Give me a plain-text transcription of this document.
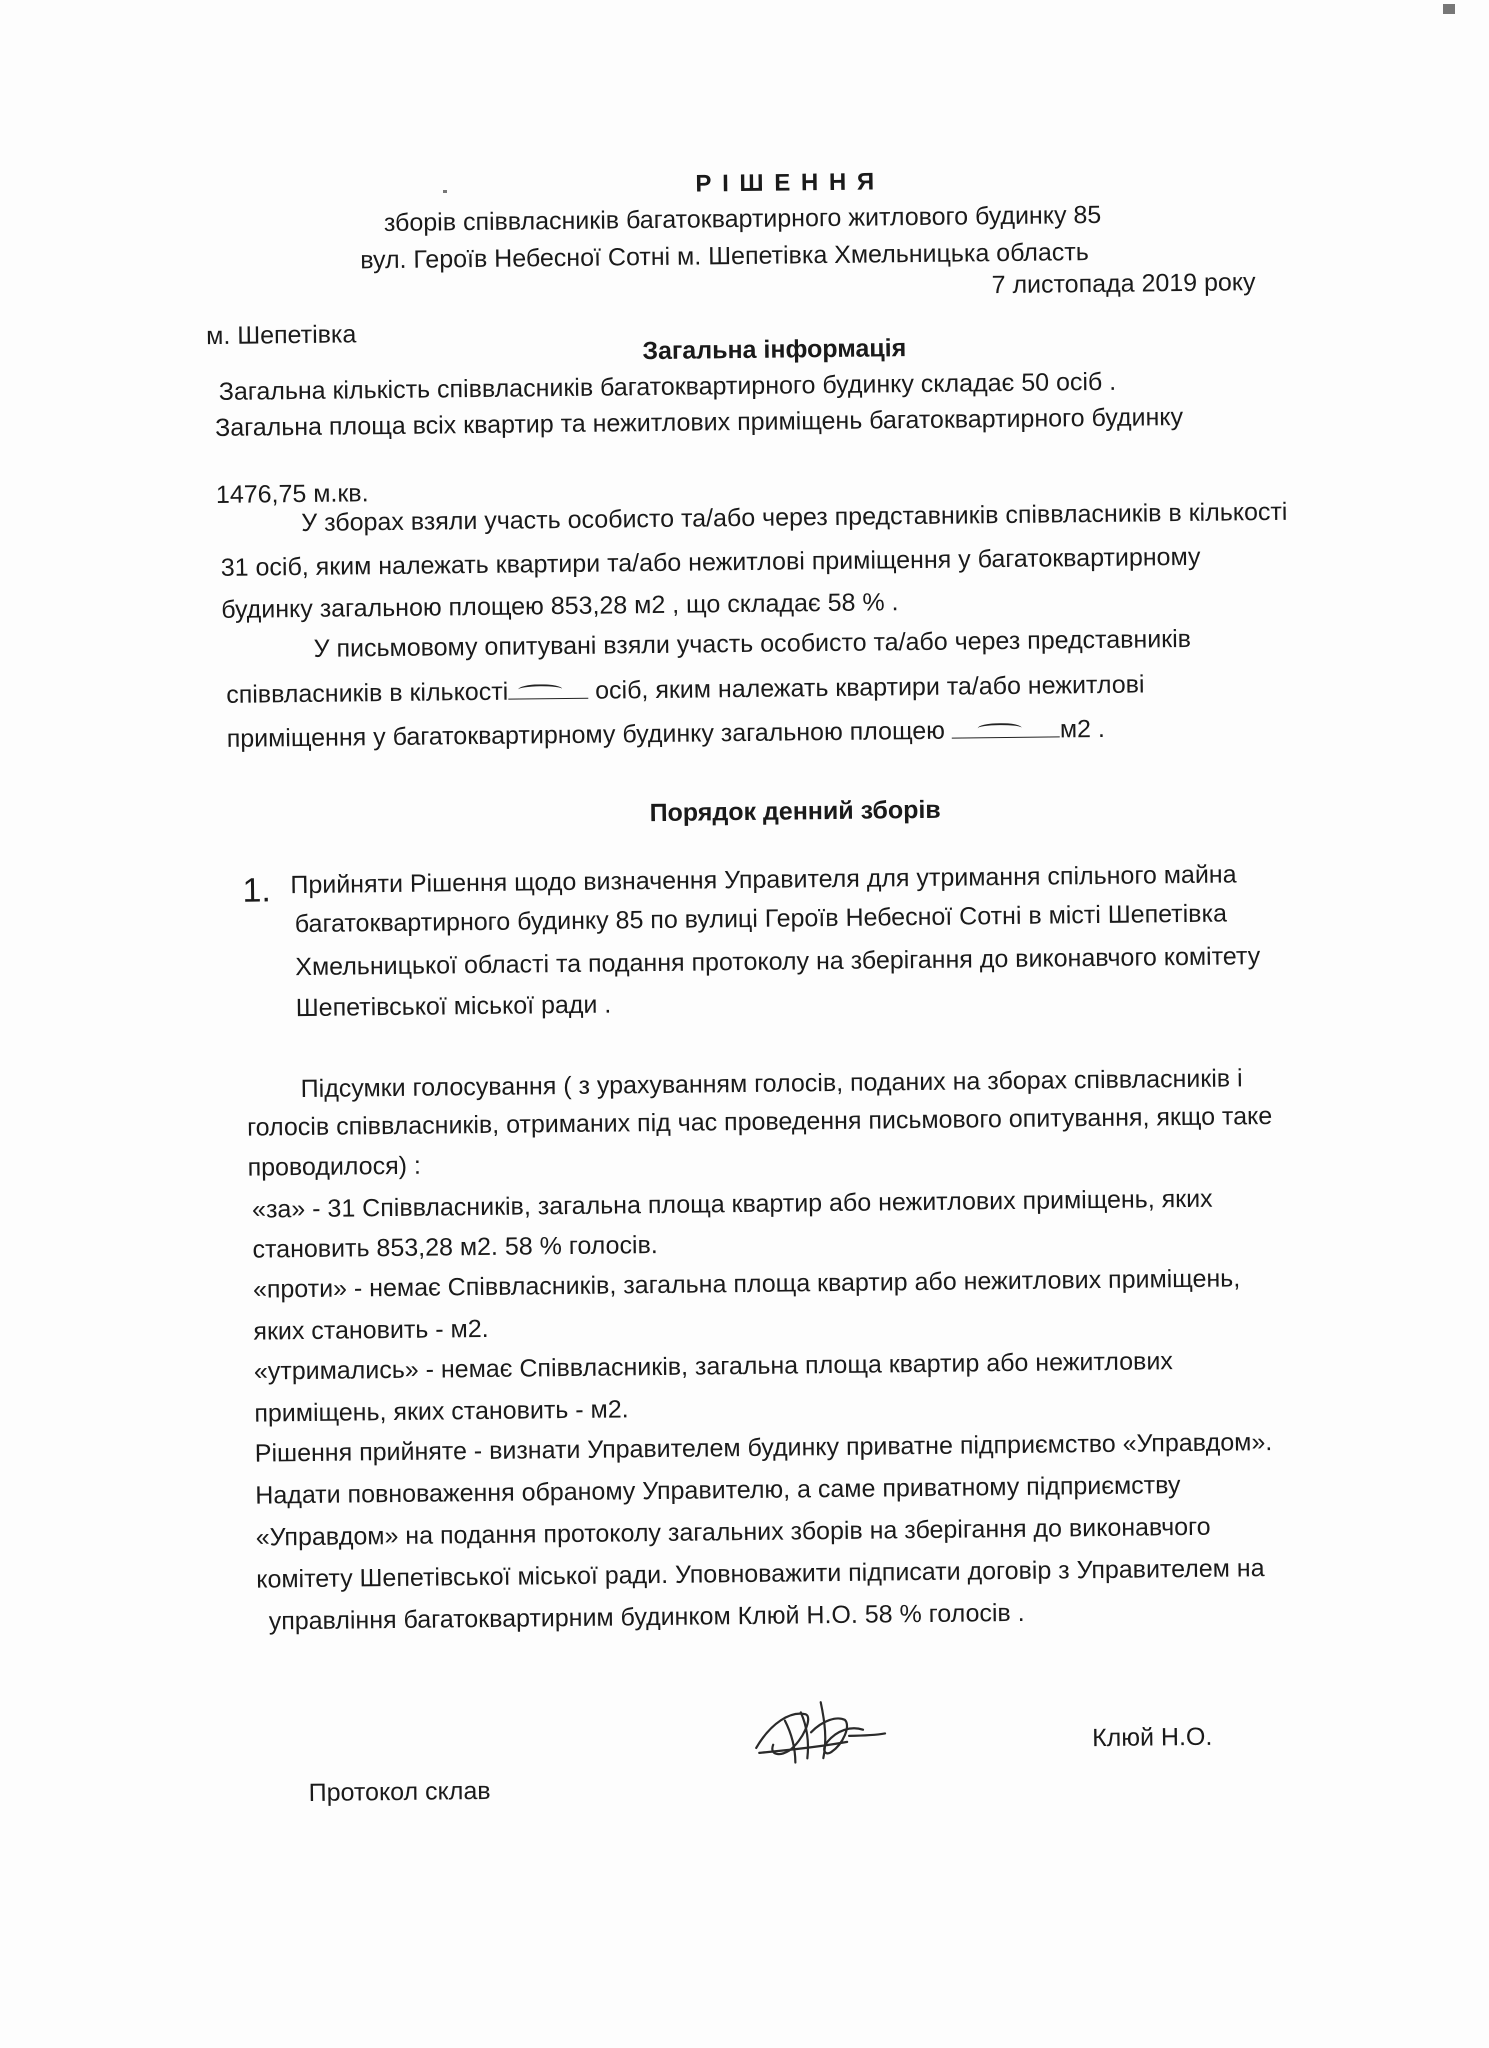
Р І Ш Е Н Н Я
зборів співвласників багатоквартирного житлового будинку 85
вул. Героїв Небесної Сотні м. Шепетівка Хмельницька область
7 листопада 2019 року
м. Шепетівка	Загальна інформація
Загальна кількість співвласників багатоквартирного будинку складає 50 осіб .
Загальна площа всіх квартир та нежитлових приміщень багатоквартирного будинку
1476,75 м.кв.
У зборах взяли участь особисто та/або через представників співвласників в кількості
31 осіб, яким належать квартири та/або нежитлові приміщення у багатоквартирному
будинку загальною площею 853,28 м2 , що складає 58 % .
У письмовому опитувані взяли участь особисто та/або через представників
співвласників в кількості	осіб, яким належать квартири та/або нежитлові
приміщення у багатоквартирному будинку загальною площею	м2 .
Порядок денний зборів
1. Прийняти Рішення щодо визначення Управителя для утримання спільного майна
багатоквартирного будинку 85 по вулиці Героїв Небесної Сотні в місті Шепетівка
Хмельницької області та подання протоколу на зберігання до виконавчого комітету
Шепетівської міської ради .
Підсумки голосування ( з урахуванням голосів, поданих на зборах співвласників і
голосів співвласників, отриманих під час проведення письмового опитування, якщо таке
проводилося) :
«за» - 31 Співвласників, загальна площа квартир або нежитлових приміщень, яких
становить 853,28 м2. 58 % голосів.
«проти» - немає Співвласників, загальна площа квартир або нежитлових приміщень,
яких становить - м2.
«утримались» - немає Співвласників, загальна площа квартир або нежитлових
приміщень, яких становить - м2.
Рішення прийняте - визнати Управителем будинку приватне підприємство «Управдом».
Надати повноваження обраному Управителю, а саме приватному підприємству
«Управдом» на подання протоколу загальних зборів на зберігання до виконавчого
комітету Шепетівської міської ради. Уповноважити підписати договір з Управителем на
управління багатоквартирним будинком Клюй Н.О. 58 % голосів .
Протокол склав
Клюй Н.О.
